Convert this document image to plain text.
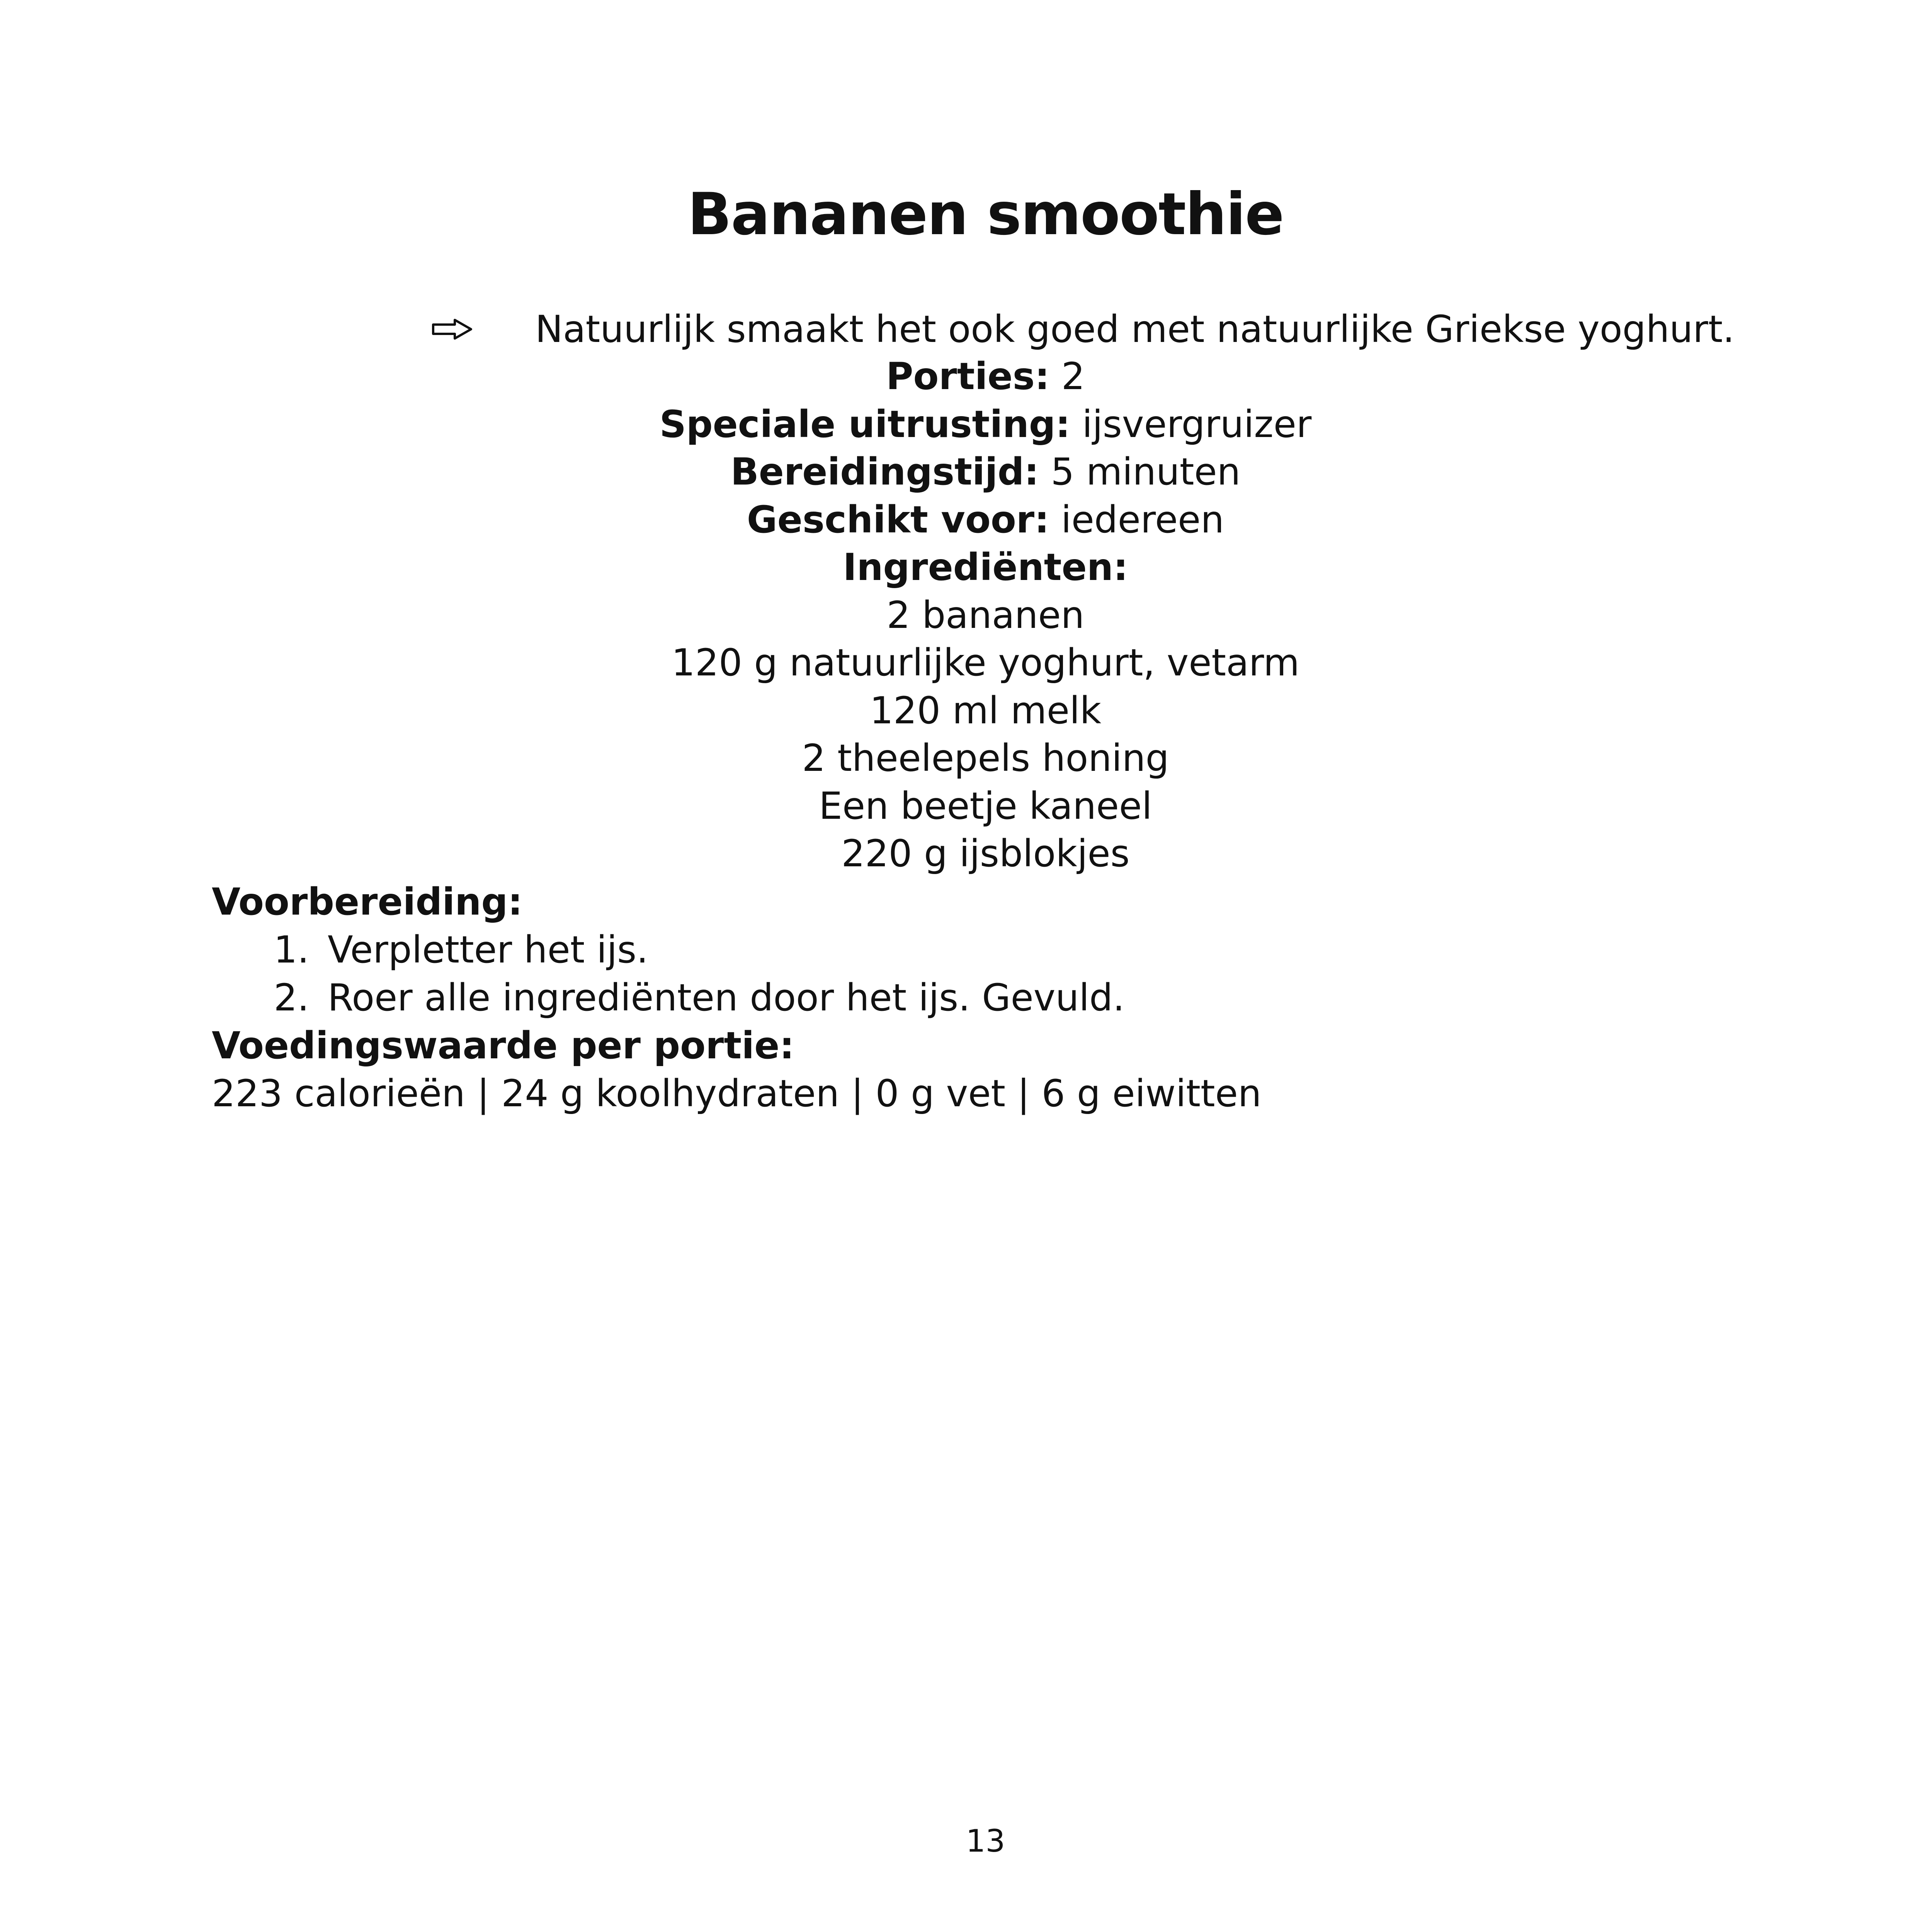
Bananen smoothie
Natuurlijk smaakt het ook goed met natuurlijke Griekse yoghurt.
Porties: 2
Speciale uitrusting: ijsvergruizer
Bereidingstijd: 5 minuten
Geschikt voor: iedereen
Ingrediënten:
2 bananen
120 g natuurlijke yoghurt, vetarm
120 ml melk
2 theelepels honing
Een beetje kaneel
220 g ijsblokjes
Voorbereiding:
1. Verpletter het ijs.
2. Roer alle ingrediënten door het ijs. Gevuld.
Voedingswaarde per portie:
223 calorieën | 24 g koolhydraten | 0 g vet | 6 g eiwitten
13
